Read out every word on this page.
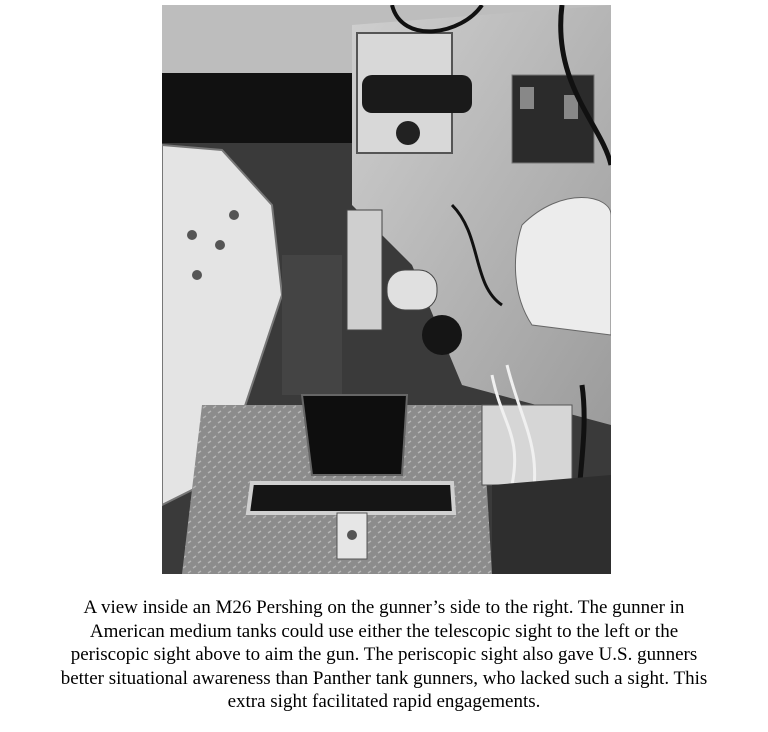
A view inside an M26 Pershing on the gunner’s side to the right. The gunner in
American medium tanks could use either the telescopic sight to the left or the
periscopic sight above to aim the gun. The periscopic sight also gave U.S. gunners
better situational awareness than Panther tank gunners, who lacked such a sight. This
extra sight facilitated rapid engagements.
